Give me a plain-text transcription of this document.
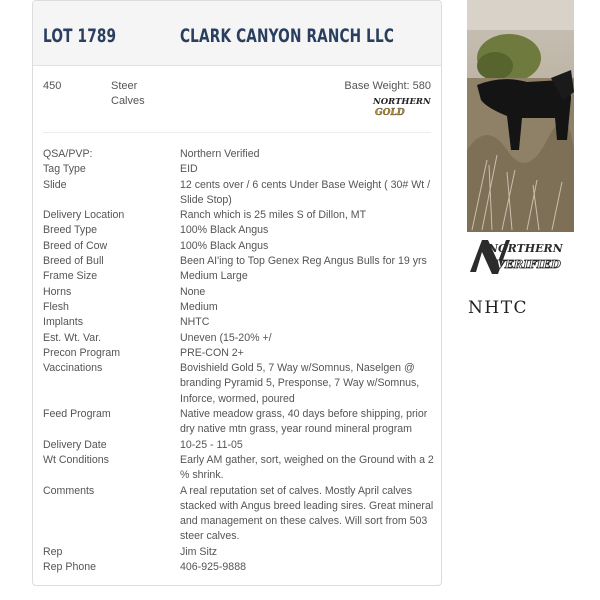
LOT 1789	CLARK CANYON RANCH LLC
450	Steer
Calves
Base Weight: 580
NORTHERN
GOLD
QSA/PVP:	Northern Verified
Tag Type	EID
Slide	12 cents over / 6 cents Under Base Weight ( 30# Wt / Slide Stop)
Delivery Location	Ranch which is 25 miles S of Dillon, MT
Breed Type	100% Black Angus
Breed of Cow	100% Black Angus
Breed of Bull	Been AI'ing to Top Genex Reg Angus Bulls for 19 yrs
Frame Size	Medium Large
Horns	None
Flesh	Medium
Implants	NHTC
Est. Wt. Var.	Uneven (15-20% +/
Precon Program	PRE-CON 2+
Vaccinations	Bovishield Gold 5, 7 Way w/Somnus, Naselgen @ branding Pyramid 5, Presponse, 7 Way w/Somnus, Inforce, wormed, poured
Feed Program	Native meadow grass, 40 days before shipping, prior dry native mtn grass, year round mineral program
Delivery Date	10-25 - 11-05
Wt Conditions	Early AM gather, sort, weighed on the Ground with a 2 % shrink.
Comments	A real reputation set of calves. Mostly April calves stacked with Angus breed leading sires. Great mineral and management on these calves. Will sort from 503 steer calves.
Rep	Jim Sitz
Rep Phone	406-925-9888
NORTHERN
VERIFIED
NHTC
